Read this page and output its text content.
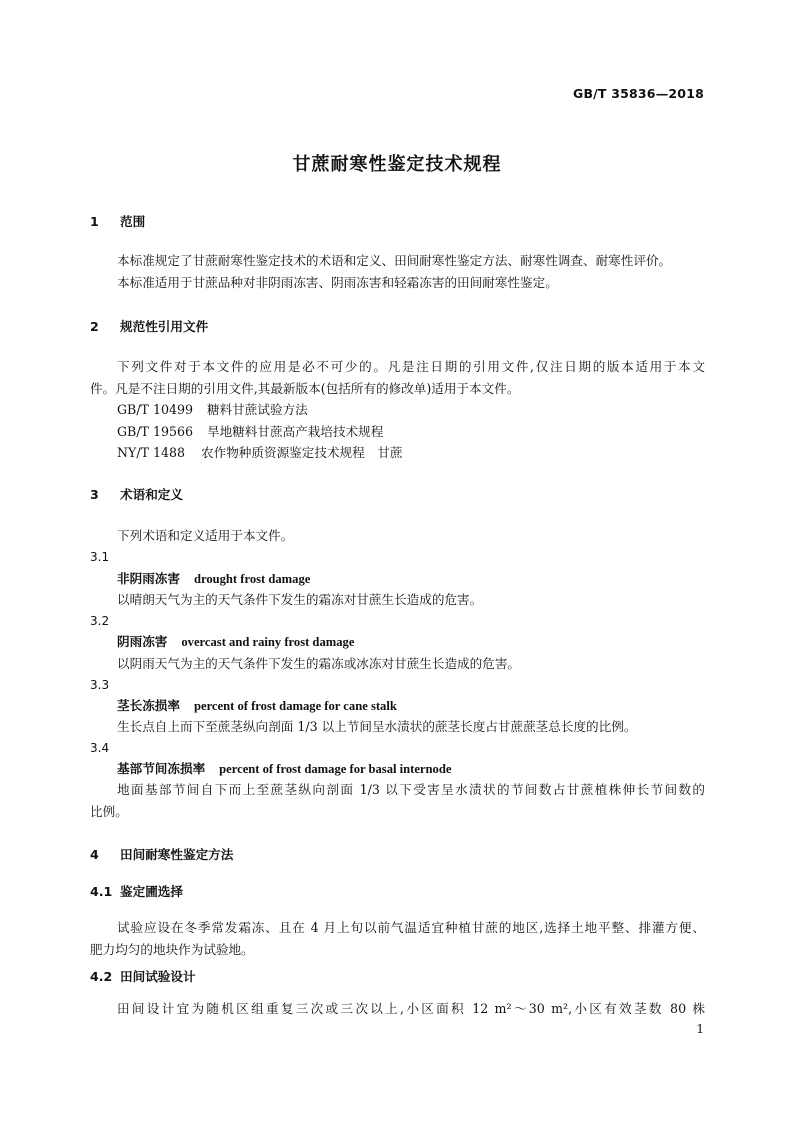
GB/T 35836—2018
甘蔗耐寒性鉴定技术规程
1 范围
本标准规定了甘蔗耐寒性鉴定技术的术语和定义、田间耐寒性鉴定方法、耐寒性调查、耐寒性评价。
本标准适用于甘蔗品种对非阴雨冻害、阴雨冻害和轻霜冻害的田间耐寒性鉴定。
2 规范性引用文件
下列文件对于本文件的应用是必不可少的。凡是注日期的引用文件,仅注日期的版本适用于本文
件。凡是不注日期的引用文件,其最新版本(包括所有的修改单)适用于本文件。
GB/T 10499 糖料甘蔗试验方法
GB/T 19566 旱地糖料甘蔗高产栽培技术规程
NY/T 1488 农作物种质资源鉴定技术规程　甘蔗
3 术语和定义
下列术语和定义适用于本文件。
3.1
非阴雨冻害 drought frost damage
以晴朗天气为主的天气条件下发生的霜冻对甘蔗生长造成的危害。
3.2
阴雨冻害 overcast and rainy frost damage
以阴雨天气为主的天气条件下发生的霜冻或冰冻对甘蔗生长造成的危害。
3.3
茎长冻损率 percent of frost damage for cane stalk
生长点自上而下至蔗茎纵向剖面 1/3 以上节间呈水渍状的蔗茎长度占甘蔗蔗茎总长度的比例。
3.4
基部节间冻损率 percent of frost damage for basal internode
地面基部节间自下而上至蔗茎纵向剖面 1/3 以下受害呈水渍状的节间数占甘蔗植株伸长节间数的
比例。
4 田间耐寒性鉴定方法
4.1 鉴定圃选择
试验应设在冬季常发霜冻、且在 4 月上旬以前气温适宜种植甘蔗的地区,选择土地平整、排灌方便、
肥力均匀的地块作为试验地。
4.2 田间试验设计
田间设计宜为随机区组重复三次或三次以上,小区面积 12 m²～30 m²,小区有效茎数 80 株
1
